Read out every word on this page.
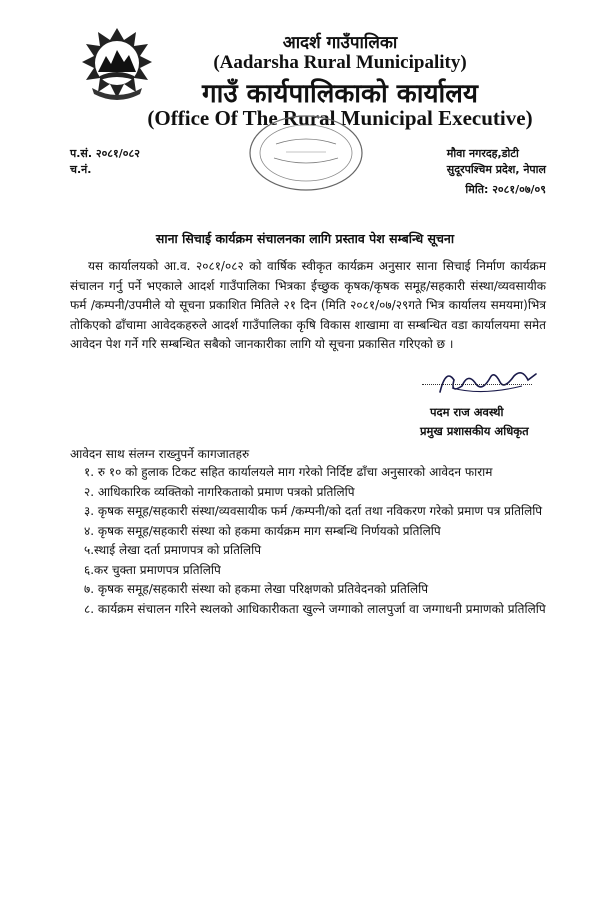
आदर्श गाउँपालिका
(Aadarsha Rural Municipality)
गाउँ कार्यपालिकाको कार्यालय
(Office Of The Rural Municipal Executive)
प.सं. २०८१/०८२
च.नं.
मौवा नगरदह,डोटी
सुदूरपश्चिम प्रदेश, नेपाल
मिति: २०८१/०७/०९
साना सिचाई कार्यक्रम संचालनका लागि प्रस्ताव पेश सम्बन्धि सूचना

यस कार्यालयको आ.व. २०८१/०८२ को वार्षिक स्वीकृत कार्यक्रम अनुसार साना सिचाई निर्माण कार्यक्रम संचालन गर्नु पर्ने भएकाले आदर्श गाउँपालिका भित्रका ईच्छुक कृषक/कृषक समूह/सहकारी संस्था/व्यवसायीक फर्म /कम्पनी/उपमीले यो सूचना प्रकाशित मितिले २१ दिन (मिति २०८१/०७/२९गते भित्र कार्यालय समयमा)भित्र तोकिएको ढाँचामा आवेदकहरुले आदर्श गाउँपालिका कृषि विकास शाखामा वा सम्बन्धित वडा कार्यालयमा समेत आवेदन पेश गर्ने गरि सम्बन्धित सबैको जानकारीका लागि यो सूचना प्रकासित गरिएको छ ।

पदम राज अवस्थी
प्रमुख प्रशासकीय अधिकृत
आवेदन साथ संलग्न राख्नुपर्ने कागजातहरु
१. रु १० को हुलाक टिकट सहित कार्यालयले माग गरेको निर्दिष्ट ढाँचा अनुसारको आवेदन फाराम
२. आधिकारिक व्यक्तिको नागरिकताको प्रमाण पत्रको प्रतिलिपि
३. कृषक समूह/सहकारी संस्था/व्यवसायीक फर्म /कम्पनी/को दर्ता तथा नविकरण गरेको प्रमाण पत्र प्रतिलिपि
४. कृषक समूह/सहकारी संस्था को हकमा कार्यक्रम माग सम्बन्धि निर्णयको प्रतिलिपि
५.स्थाई लेखा दर्ता प्रमाणपत्र को प्रतिलिपि
६.कर चुक्ता प्रमाणपत्र प्रतिलिपि
७. कृषक समूह/सहकारी संस्था को हकमा लेखा परिक्षणको प्रतिवेदनको प्रतिलिपि
८. कार्यक्रम संचालन गरिने स्थलको आधिकारीकता खुल्ने जग्गाको लालपुर्जा वा जग्गाधनी प्रमाणको प्रतिलिपि
